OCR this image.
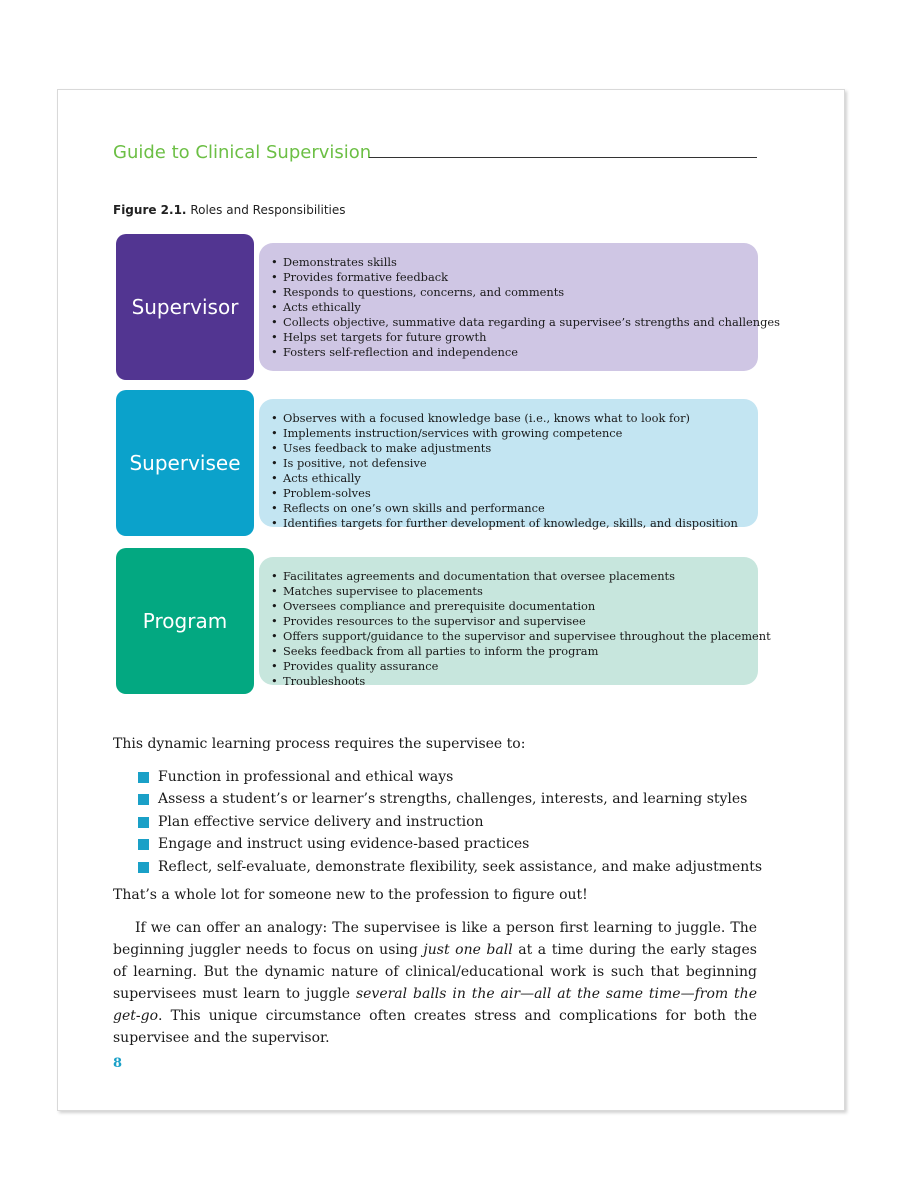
Guide to Clinical Supervision
Figure 2.1. Roles and Responsibilities
Supervisor
• Demonstrates skills
• Provides formative feedback
• Responds to questions, concerns, and comments
• Acts ethically
• Collects objective, summative data regarding a supervisee’s strengths and challenges
• Helps set targets for future growth
• Fosters self-reflection and independence
Supervisee
• Observes with a focused knowledge base (i.e., knows what to look for)
• Implements instruction/services with growing competence
• Uses feedback to make adjustments
• Is positive, not defensive
• Acts ethically
• Problem-solves
• Reflects on one’s own skills and performance
• Identifies targets for further development of knowledge, skills, and disposition
Program
• Facilitates agreements and documentation that oversee placements
• Matches supervisee to placements
• Oversees compliance and prerequisite documentation
• Provides resources to the supervisor and supervisee
• Offers support/guidance to the supervisor and supervisee throughout the placement
• Seeks feedback from all parties to inform the program
• Provides quality assurance
• Troubleshoots
This dynamic learning process requires the supervisee to:
Function in professional and ethical ways
Assess a student’s or learner’s strengths, challenges, interests, and learning styles
Plan effective service delivery and instruction
Engage and instruct using evidence-based practices
Reflect, self-evaluate, demonstrate flexibility, seek assistance, and make adjustments
That’s a whole lot for someone new to the profession to figure out!
If we can offer an analogy: The supervisee is like a person first learning to juggle. The beginning juggler needs to focus on using just one ball at a time during the early stages of learning. But the dynamic nature of clinical/educational work is such that beginning supervisees must learn to juggle several balls in the air—all at the same time—from the get-go. This unique circumstance often creates stress and complications for both the supervisee and the supervisor.
8
